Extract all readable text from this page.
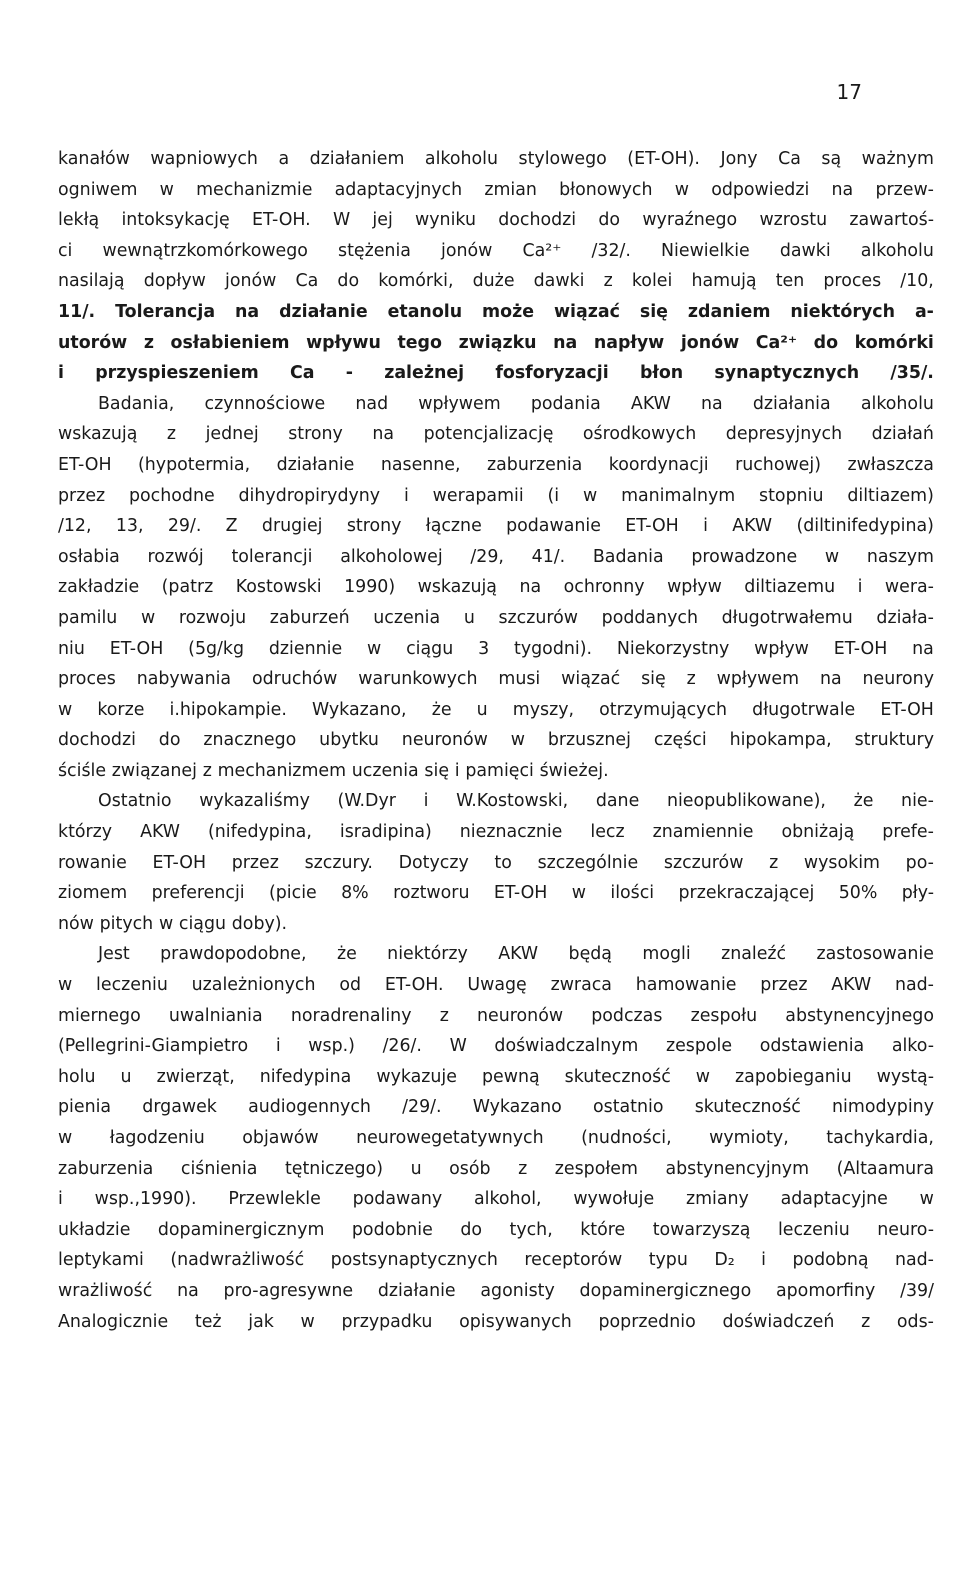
17
kanałów wapniowych a działaniem alkoholu stylowego (ET-OH). Jony Ca są ważnym
ogniwem w mechanizmie adaptacyjnych zmian błonowych w odpowiedzi na przew-
lekłą intoksykację ET-OH. W jej wyniku dochodzi do wyraźnego wzrostu zawartoś-
ci wewnątrzkomórkowego stężenia jonów Ca²⁺ /32/. Niewielkie dawki alkoholu
nasilają dopływ jonów Ca do komórki, duże dawki z kolei hamują ten proces /10,
11/. Tolerancja na działanie etanolu może wiązać się zdaniem niektórych a-
utorów z osłabieniem wpływu tego związku na napływ jonów Ca²⁺ do komórki
i przyspieszeniem Ca - zależnej fosforyzacji błon synaptycznych /35/.
Badania, czynnościowe nad wpływem podania AKW na działania alkoholu
wskazują z jednej strony na potencjalizację ośrodkowych depresyjnych działań
ET-OH (hypotermia, działanie nasenne, zaburzenia koordynacji ruchowej) zwłaszcza
przez pochodne dihydropirydyny i werapamii (i w manimalnym stopniu diltiazem)
/12, 13, 29/. Z drugiej strony łączne podawanie ET-OH i AKW (diltinifedypina)
osłabia rozwój tolerancji alkoholowej /29, 41/. Badania prowadzone w naszym
zakładzie (patrz Kostowski 1990) wskazują na ochronny wpływ diltiazemu i wera-
pamilu w rozwoju zaburzeń uczenia u szczurów poddanych długotrwałemu działa-
niu ET-OH (5g/kg dziennie w ciągu 3 tygodni). Niekorzystny wpływ ET-OH na
proces nabywania odruchów warunkowych musi wiązać się z wpływem na neurony
w korze i.hipokampie. Wykazano, że u myszy, otrzymujących długotrwale ET-OH
dochodzi do znacznego ubytku neuronów w brzusznej części hipokampa, struktury
ściśle związanej z mechanizmem uczenia się i pamięci świeżej.
Ostatnio wykazaliśmy (W.Dyr i W.Kostowski, dane nieopublikowane), że nie-
którzy AKW (nifedypina, isradipina) nieznacznie lecz znamiennie obniżają prefe-
rowanie ET-OH przez szczury. Dotyczy to szczególnie szczurów z wysokim po-
ziomem preferencji (picie 8% roztworu ET-OH w ilości przekraczającej 50% pły-
nów pitych w ciągu doby).
Jest prawdopodobne, że niektórzy AKW będą mogli znaleźć zastosowanie
w leczeniu uzależnionych od ET-OH. Uwagę zwraca hamowanie przez AKW nad-
miernego uwalniania noradrenaliny z neuronów podczas zespołu abstynencyjnego
(Pellegrini-Giampietro i wsp.) /26/. W doświadczalnym zespole odstawienia alko-
holu u zwierząt, nifedypina wykazuje pewną skuteczność w zapobieganiu wystą-
pienia drgawek audiogennych /29/. Wykazano ostatnio skuteczność nimodypiny
w łagodzeniu objawów neurowegetatywnych (nudności, wymioty, tachykardia,
zaburzenia ciśnienia tętniczego) u osób z zespołem abstynencyjnym (Altaamura
i wsp.,1990). Przewlekle podawany alkohol, wywołuje zmiany adaptacyjne w
układzie dopaminergicznym podobnie do tych, które towarzyszą leczeniu neuro-
leptykami (nadwrażliwość postsynaptycznych receptorów typu D₂ i podobną nad-
wrażliwość na pro-agresywne działanie agonisty dopaminergicznego apomorfiny /39/
Analogicznie też jak w przypadku opisywanych poprzednio doświadczeń z ods-
